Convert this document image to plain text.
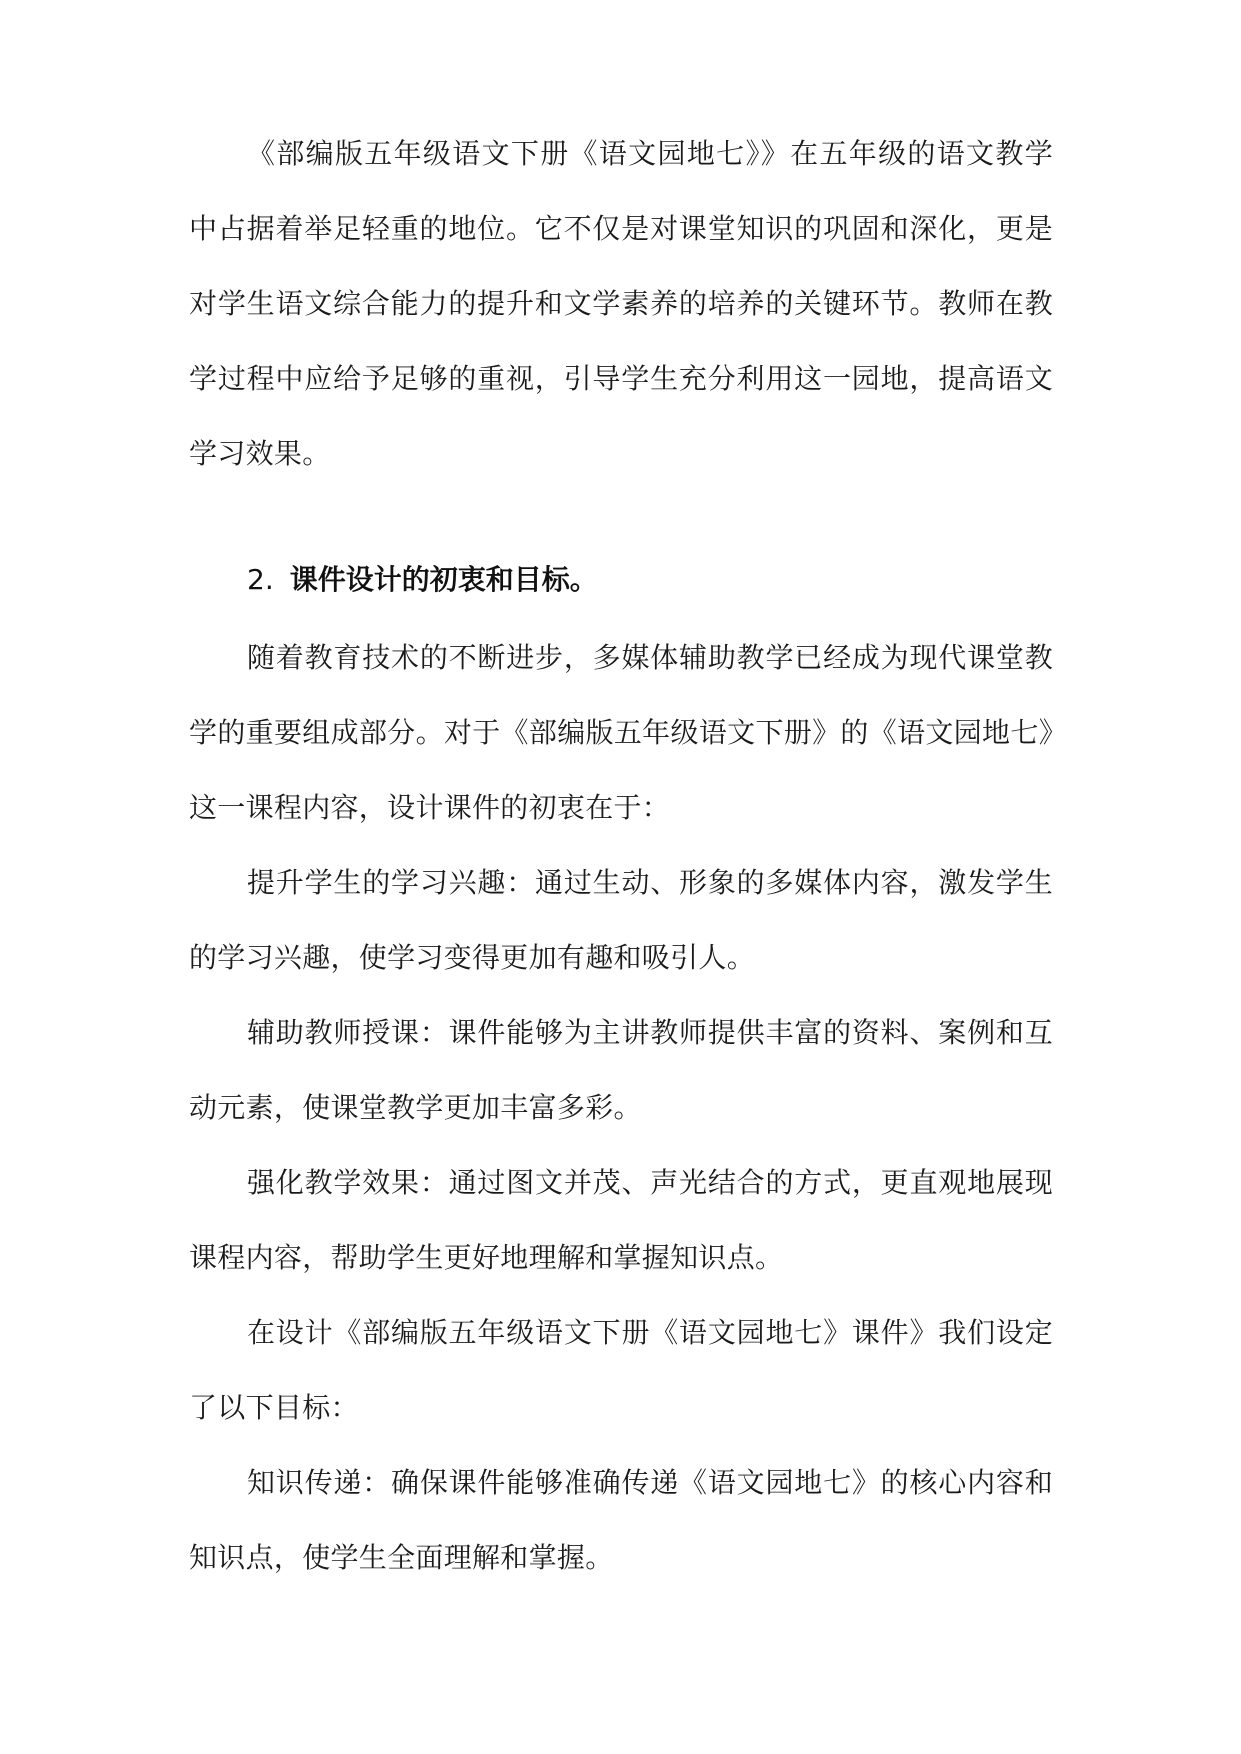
《部编版五年级语文下册《语文园地七》》在五年级的语文教学中占据着举足轻重的地位。它不仅是对课堂知识的巩固和深化，更是对学生语文综合能力的提升和文学素养的培养的关键环节。教师在教学过程中应给予足够的重视，引导学生充分利用这一园地，提高语文学习效果。

2. 课件设计的初衷和目标。

随着教育技术的不断进步，多媒体辅助教学已经成为现代课堂教学的重要组成部分。对于《部编版五年级语文下册》的《语文园地七》这一课程内容，设计课件的初衷在于：

提升学生的学习兴趣：通过生动、形象的多媒体内容，激发学生的学习兴趣，使学习变得更加有趣和吸引人。

辅助教师授课：课件能够为主讲教师提供丰富的资料、案例和互动元素，使课堂教学更加丰富多彩。

强化教学效果：通过图文并茂、声光结合的方式，更直观地展现课程内容，帮助学生更好地理解和掌握知识点。

在设计《部编版五年级语文下册《语文园地七》课件》我们设定了以下目标：

知识传递：确保课件能够准确传递《语文园地七》的核心内容和知识点，使学生全面理解和掌握。
